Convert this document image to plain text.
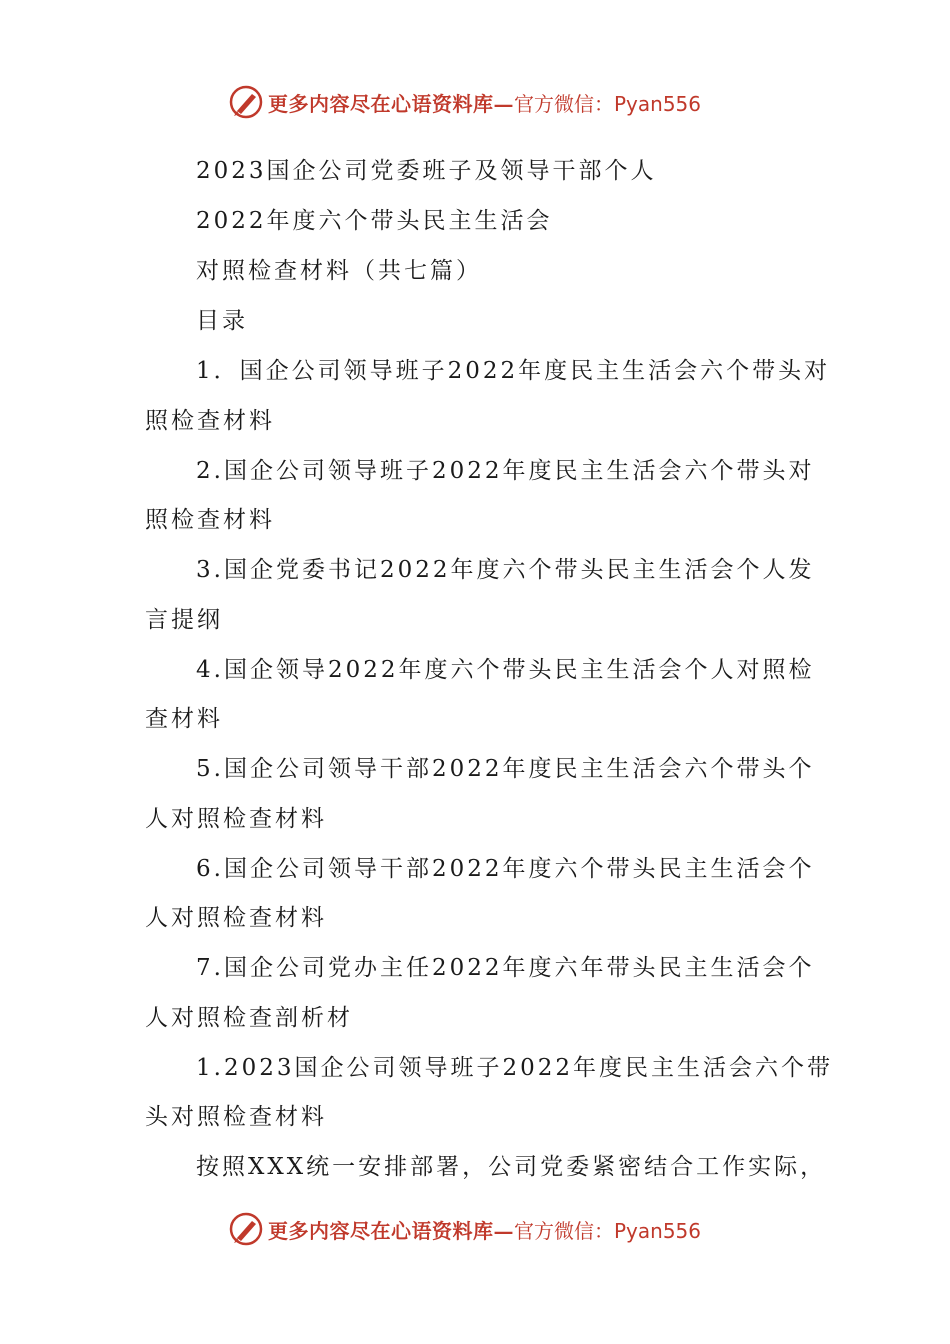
更多内容尽在心语资料库— 官方微信：Pyan556
2023国企公司党委班子及领导干部个人
2022年度六个带头民主生活会
对照检查材料（共七篇）
目录
1．国企公司领导班子2022年度民主生活会六个带头对
照检查材料
2.国企公司领导班子2022年度民主生活会六个带头对
照检查材料
3.国企党委书记2022年度六个带头民主生活会个人发
言提纲
4.国企领导2022年度六个带头民主生活会个人对照检
查材料
5.国企公司领导干部2022年度民主生活会六个带头个
人对照检查材料
6.国企公司领导干部2022年度六个带头民主生活会个
人对照检查材料
7.国企公司党办主任2022年度六年带头民主生活会个
人对照检查剖析材
1.2023国企公司领导班子2022年度民主生活会六个带
头对照检查材料
按照XXX统一安排部署，公司党委紧密结合工作实际，
更多内容尽在心语资料库— 官方微信：Pyan556
